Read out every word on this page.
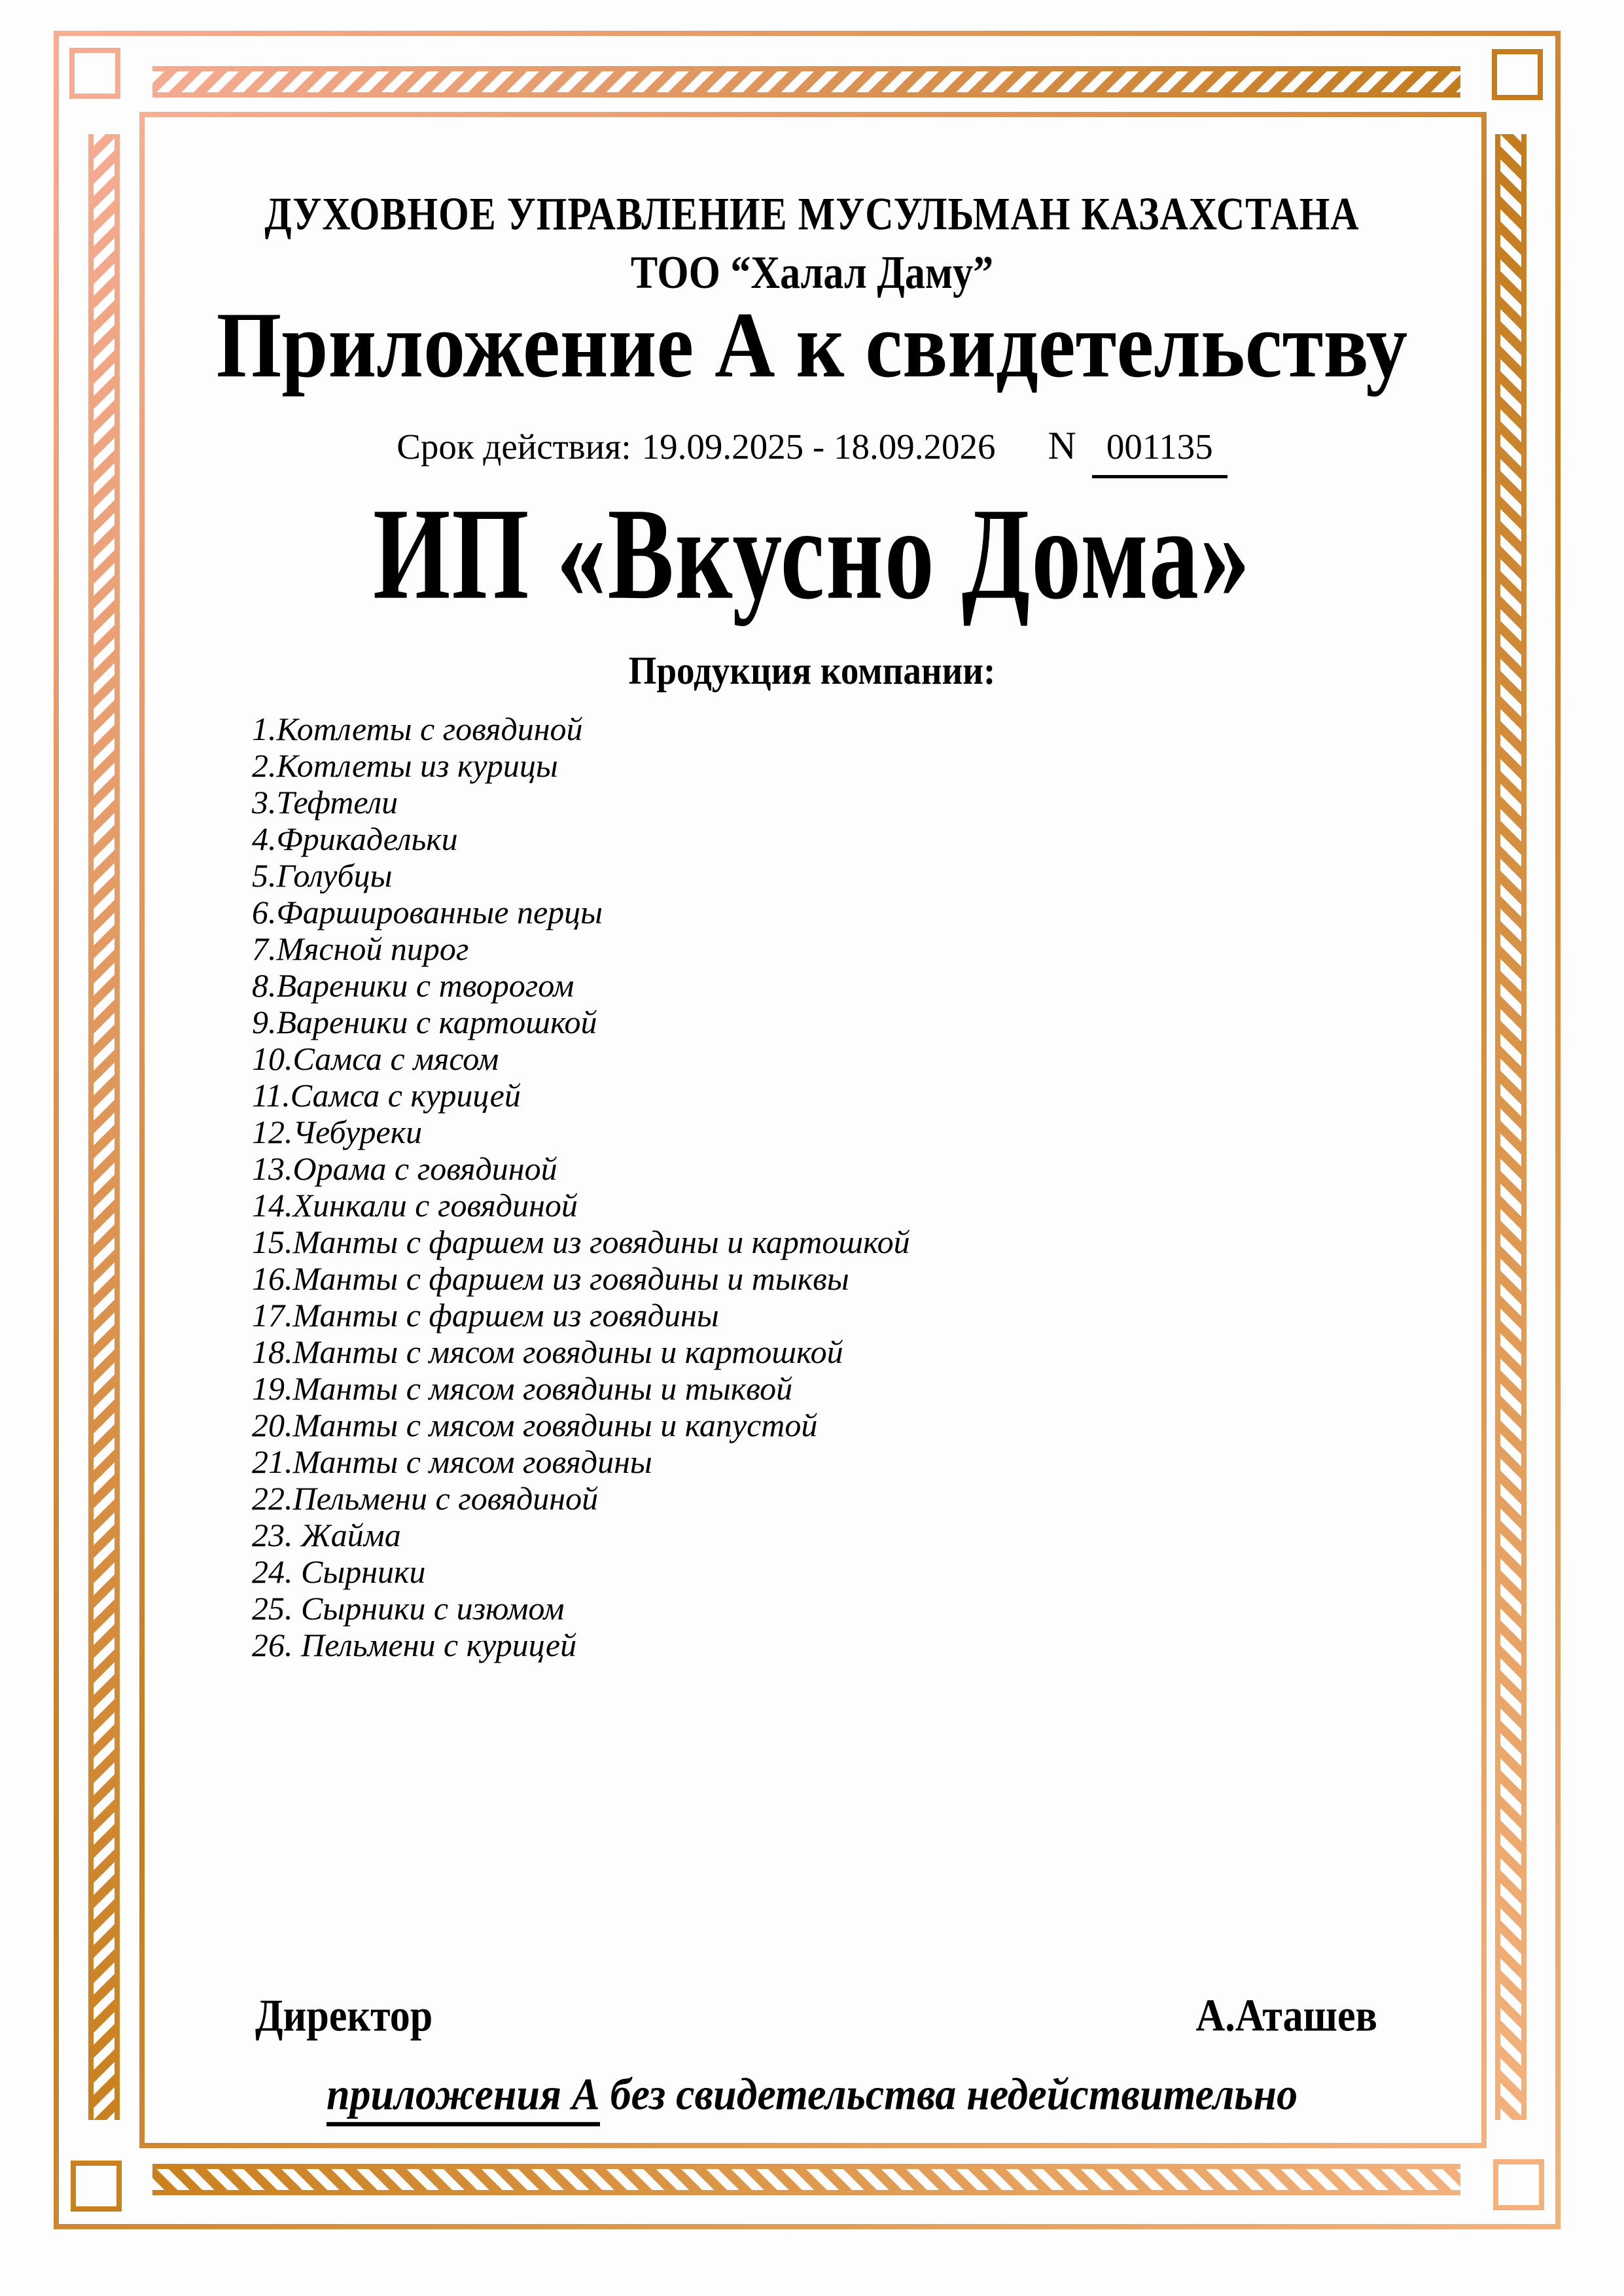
ДУХОВНОЕ УПРАВЛЕНИЕ МУСУЛЬМАН КАЗАХСТАНА
ТОО “Халал Даму”
Приложение А к свидетельству
Срок действия: 19.09.2025 - 18.09.2026 N 001135
ИП «Вкусно Дома»
Продукция компании:
1.Котлеты с говядиной
2.Котлеты из курицы
3.Тефтели
4.Фрикадельки
5.Голубцы
6.Фаршированные перцы
7.Мясной пирог
8.Вареники с творогом
9.Вареники с картошкой
10.Самса с мясом
11.Самса с курицей
12.Чебуреки
13.Орама с говядиной
14.Хинкали с говядиной
15.Манты с фаршем из говядины и картошкой
16.Манты с фаршем из говядины и тыквы
17.Манты с фаршем из говядины
18.Манты с мясом говядины и картошкой
19.Манты с мясом говядины и тыквой
20.Манты с мясом говядины и капустой
21.Манты с мясом говядины
22.Пельмени с говядиной
23. Жайма
24. Сырники
25. Сырники с изюмом
26. Пельмени с курицей
Директор	А.Аташев
приложения А без свидетельства недействительно
